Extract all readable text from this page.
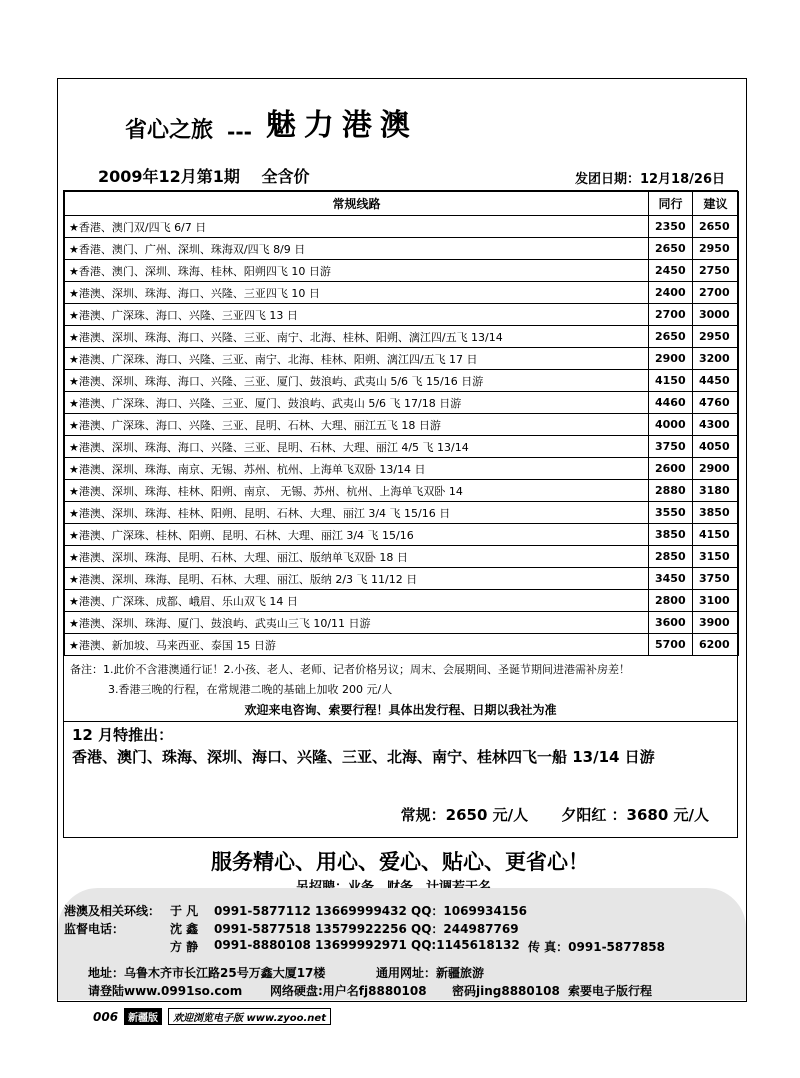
省心之旅 --- 魅力港澳
2009年12月第1期 全含价	发团日期：12月18/26日
常规线路	同行	建议
★香港、澳门双/四飞 6/7 日	2350	2650
★香港、澳门、广州、深圳、珠海双/四飞 8/9 日	2650	2950
★香港、澳门、深圳、珠海、桂林、阳朔四飞 10 日游	2450	2750
★港澳、深圳、珠海、海口、兴隆、三亚四飞 10 日	2400	2700
★港澳、广深珠、海口、兴隆、三亚四飞 13 日	2700	3000
★港澳、深圳、珠海、海口、兴隆、三亚、南宁、北海、桂林、阳朔、漓江四/五飞 13/14	2650	2950
★港澳、广深珠、海口、兴隆、三亚、南宁、北海、桂林、阳朔、漓江四/五飞 17 日	2900	3200
★港澳、深圳、珠海、海口、兴隆、三亚、厦门、鼓浪屿、武夷山 5/6 飞 15/16 日游	4150	4450
★港澳、广深珠、海口、兴隆、三亚、厦门、鼓浪屿、武夷山 5/6 飞 17/18 日游	4460	4760
★港澳、广深珠、海口、兴隆、三亚、昆明、石林、大理、丽江五飞 18 日游	4000	4300
★港澳、深圳、珠海、海口、兴隆、三亚、昆明、石林、大理、丽江 4/5 飞 13/14	3750	4050
★港澳、深圳、珠海、南京、无锡、苏州、杭州、上海单飞双卧 13/14 日	2600	2900
★港澳、深圳、珠海、桂林、阳朔、南京、 无锡、苏州、杭州、上海单飞双卧 14	2880	3180
★港澳、深圳、珠海、桂林、阳朔、昆明、石林、大理、丽江 3/4 飞 15/16 日	3550	3850
★港澳、广深珠、桂林、阳朔、昆明、石林、大理、丽江 3/4 飞 15/16	3850	4150
★港澳、深圳、珠海、昆明、石林、大理、丽江、版纳单飞双卧 18 日	2850	3150
★港澳、深圳、珠海、昆明、石林、大理、丽江、版纳 2/3 飞 11/12 日	3450	3750
★港澳、广深珠、成都、峨眉、乐山双飞 14 日	2800	3100
★港澳、深圳、珠海、厦门、鼓浪屿、武夷山三飞 10/11 日游	3600	3900
★港澳、新加坡、马来西亚、泰国 15 日游	5700	6200
备注：1.此价不含港澳通行证！2.小孩、老人、老师、记者价格另议；周末、会展期间、圣诞节期间进港需补房差！
3.香港三晚的行程，在常规港二晚的基础上加收 200 元/人
欢迎来电咨询、索要行程！具体出发行程、日期以我社为准
12 月特推出：
香港、澳门、珠海、深圳、海口、兴隆、三亚、北海、南宁、桂林四飞一船 13/14 日游
常规：2650 元/人 夕阳红 ：3680 元/人
服务精心、用心、爱心、贴心、更省心！
港澳及相关环线：
监督电话：
于 凡 0991-5877112 13669999432 QQ：1069934156
沈 鑫 0991-5877518 13579922256 QQ：244987769
方 静 0991-8880108 13699992971 QQ:1145618132 传 真：0991-5877858
地址：乌鲁木齐市长江路25号万鑫大厦17楼	通用网址：新疆旅游
请登陆www.0991so.com 网络硬盘:用户名fj8880108 密码jing8880108 索要电子版行程
006	新疆版	欢迎浏览电子版 www.zyoo.net
